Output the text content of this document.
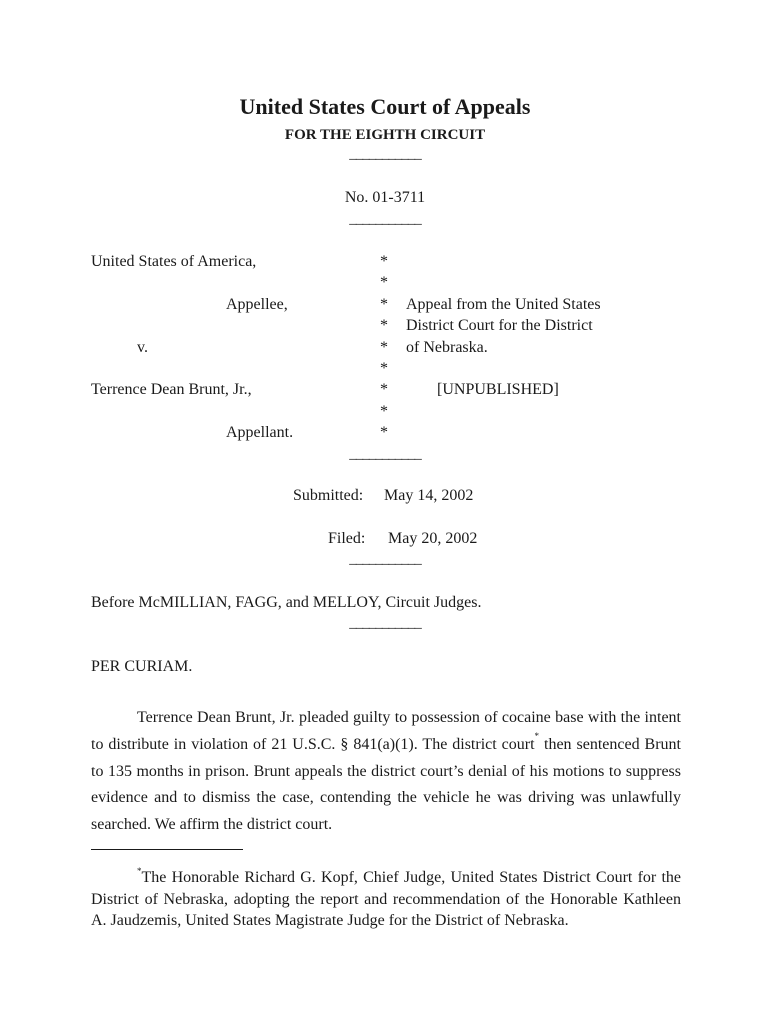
United States Court of Appeals
FOR THE EIGHTH CIRCUIT
___________
No. 01-3711
___________
United States of America,
Appellee,
v.
Terrence Dean Brunt, Jr.,
Appellant.
*
*
*
*
*
*
*
*
*
Appeal from the United States
District Court for the District
of Nebraska.
[UNPUBLISHED]
___________
Submitted: May 14, 2002
Filed: May 20, 2002
___________
Before McMILLIAN, FAGG, and MELLOY, Circuit Judges.
___________
PER CURIAM.
Terrence Dean Brunt, Jr. pleaded guilty to possession of cocaine base with the intent to distribute in violation of 21 U.S.C. § 841(a)(1). The district court* then sentenced Brunt to 135 months in prison. Brunt appeals the district court’s denial of his motions to suppress evidence and to dismiss the case, contending the vehicle he was driving was unlawfully searched. We affirm the district court.
*The Honorable Richard G. Kopf, Chief Judge, United States District Court for the District of Nebraska, adopting the report and recommendation of the Honorable Kathleen A. Jaudzemis, United States Magistrate Judge for the District of Nebraska.
